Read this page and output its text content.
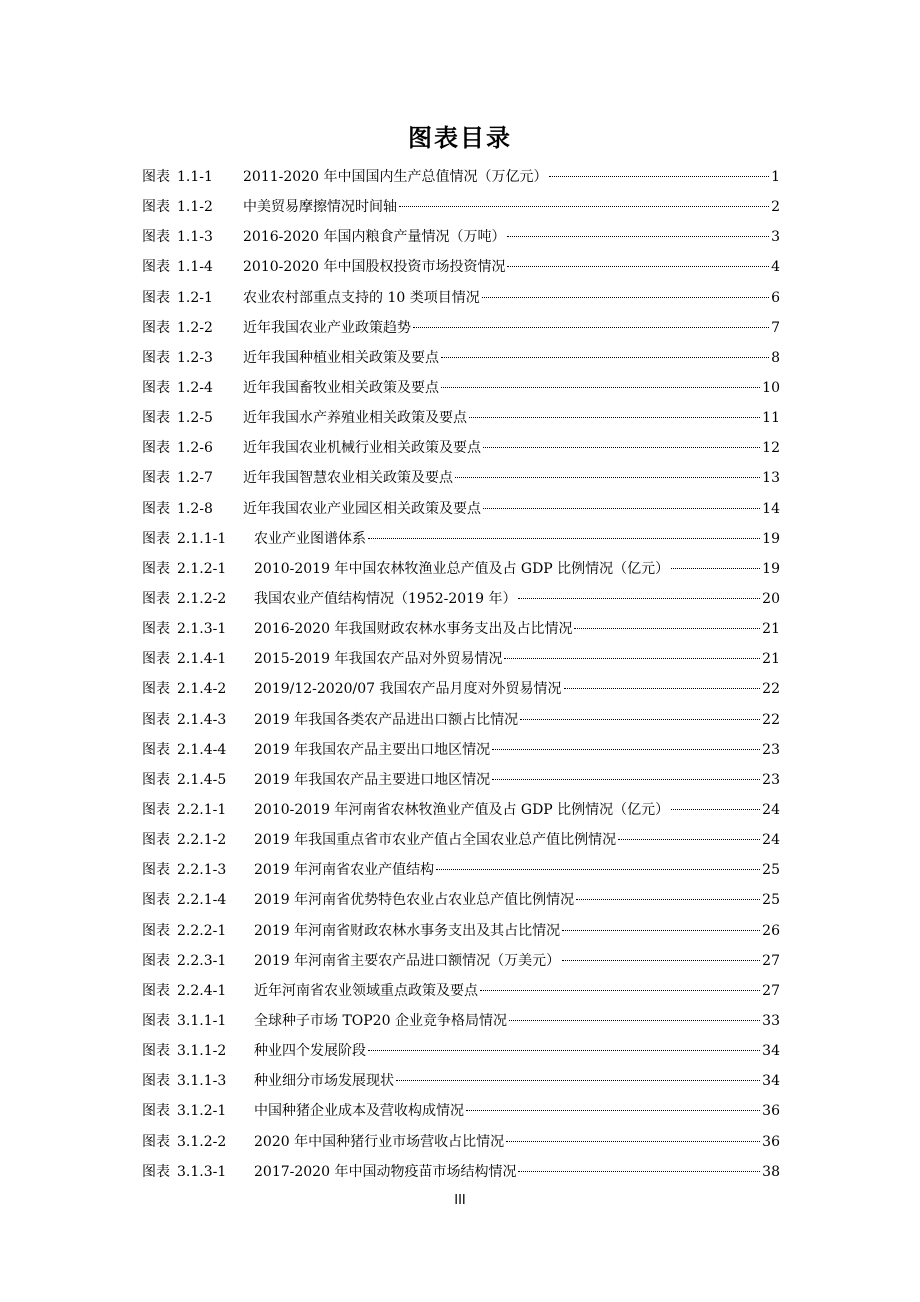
图表目录
图表 1.1-1	2011-2020 年中国国内生产总值情况（万亿元）	1
图表 1.1-2	中美贸易摩擦情况时间轴	2
图表 1.1-3	2016-2020 年国内粮食产量情况（万吨）	3
图表 1.1-4	2010-2020 年中国股权投资市场投资情况	4
图表 1.2-1	农业农村部重点支持的 10 类项目情况	6
图表 1.2-2	近年我国农业产业政策趋势	7
图表 1.2-3	近年我国种植业相关政策及要点	8
图表 1.2-4	近年我国畜牧业相关政策及要点	10
图表 1.2-5	近年我国水产养殖业相关政策及要点	11
图表 1.2-6	近年我国农业机械行业相关政策及要点	12
图表 1.2-7	近年我国智慧农业相关政策及要点	13
图表 1.2-8	近年我国农业产业园区相关政策及要点	14
图表 2.1.1-1	农业产业图谱体系	19
图表 2.1.2-1	2010-2019 年中国农林牧渔业总产值及占 GDP 比例情况（亿元）	19
图表 2.1.2-2	我国农业产值结构情况（1952-2019 年）	20
图表 2.1.3-1	2016-2020 年我国财政农林水事务支出及占比情况	21
图表 2.1.4-1	2015-2019 年我国农产品对外贸易情况	21
图表 2.1.4-2	2019/12-2020/07 我国农产品月度对外贸易情况	22
图表 2.1.4-3	2019 年我国各类农产品进出口额占比情况	22
图表 2.1.4-4	2019 年我国农产品主要出口地区情况	23
图表 2.1.4-5	2019 年我国农产品主要进口地区情况	23
图表 2.2.1-1	2010-2019 年河南省农林牧渔业产值及占 GDP 比例情况（亿元）	24
图表 2.2.1-2	2019 年我国重点省市农业产值占全国农业总产值比例情况	24
图表 2.2.1-3	2019 年河南省农业产值结构	25
图表 2.2.1-4	2019 年河南省优势特色农业占农业总产值比例情况	25
图表 2.2.2-1	2019 年河南省财政农林水事务支出及其占比情况	26
图表 2.2.3-1	2019 年河南省主要农产品进口额情况（万美元）	27
图表 2.2.4-1	近年河南省农业领域重点政策及要点	27
图表 3.1.1-1	全球种子市场 TOP20 企业竞争格局情况	33
图表 3.1.1-2	种业四个发展阶段	34
图表 3.1.1-3	种业细分市场发展现状	34
图表 3.1.2-1	中国种猪企业成本及营收构成情况	36
图表 3.1.2-2	2020 年中国种猪行业市场营收占比情况	36
图表 3.1.3-1	2017-2020 年中国动物疫苗市场结构情况	38
III
